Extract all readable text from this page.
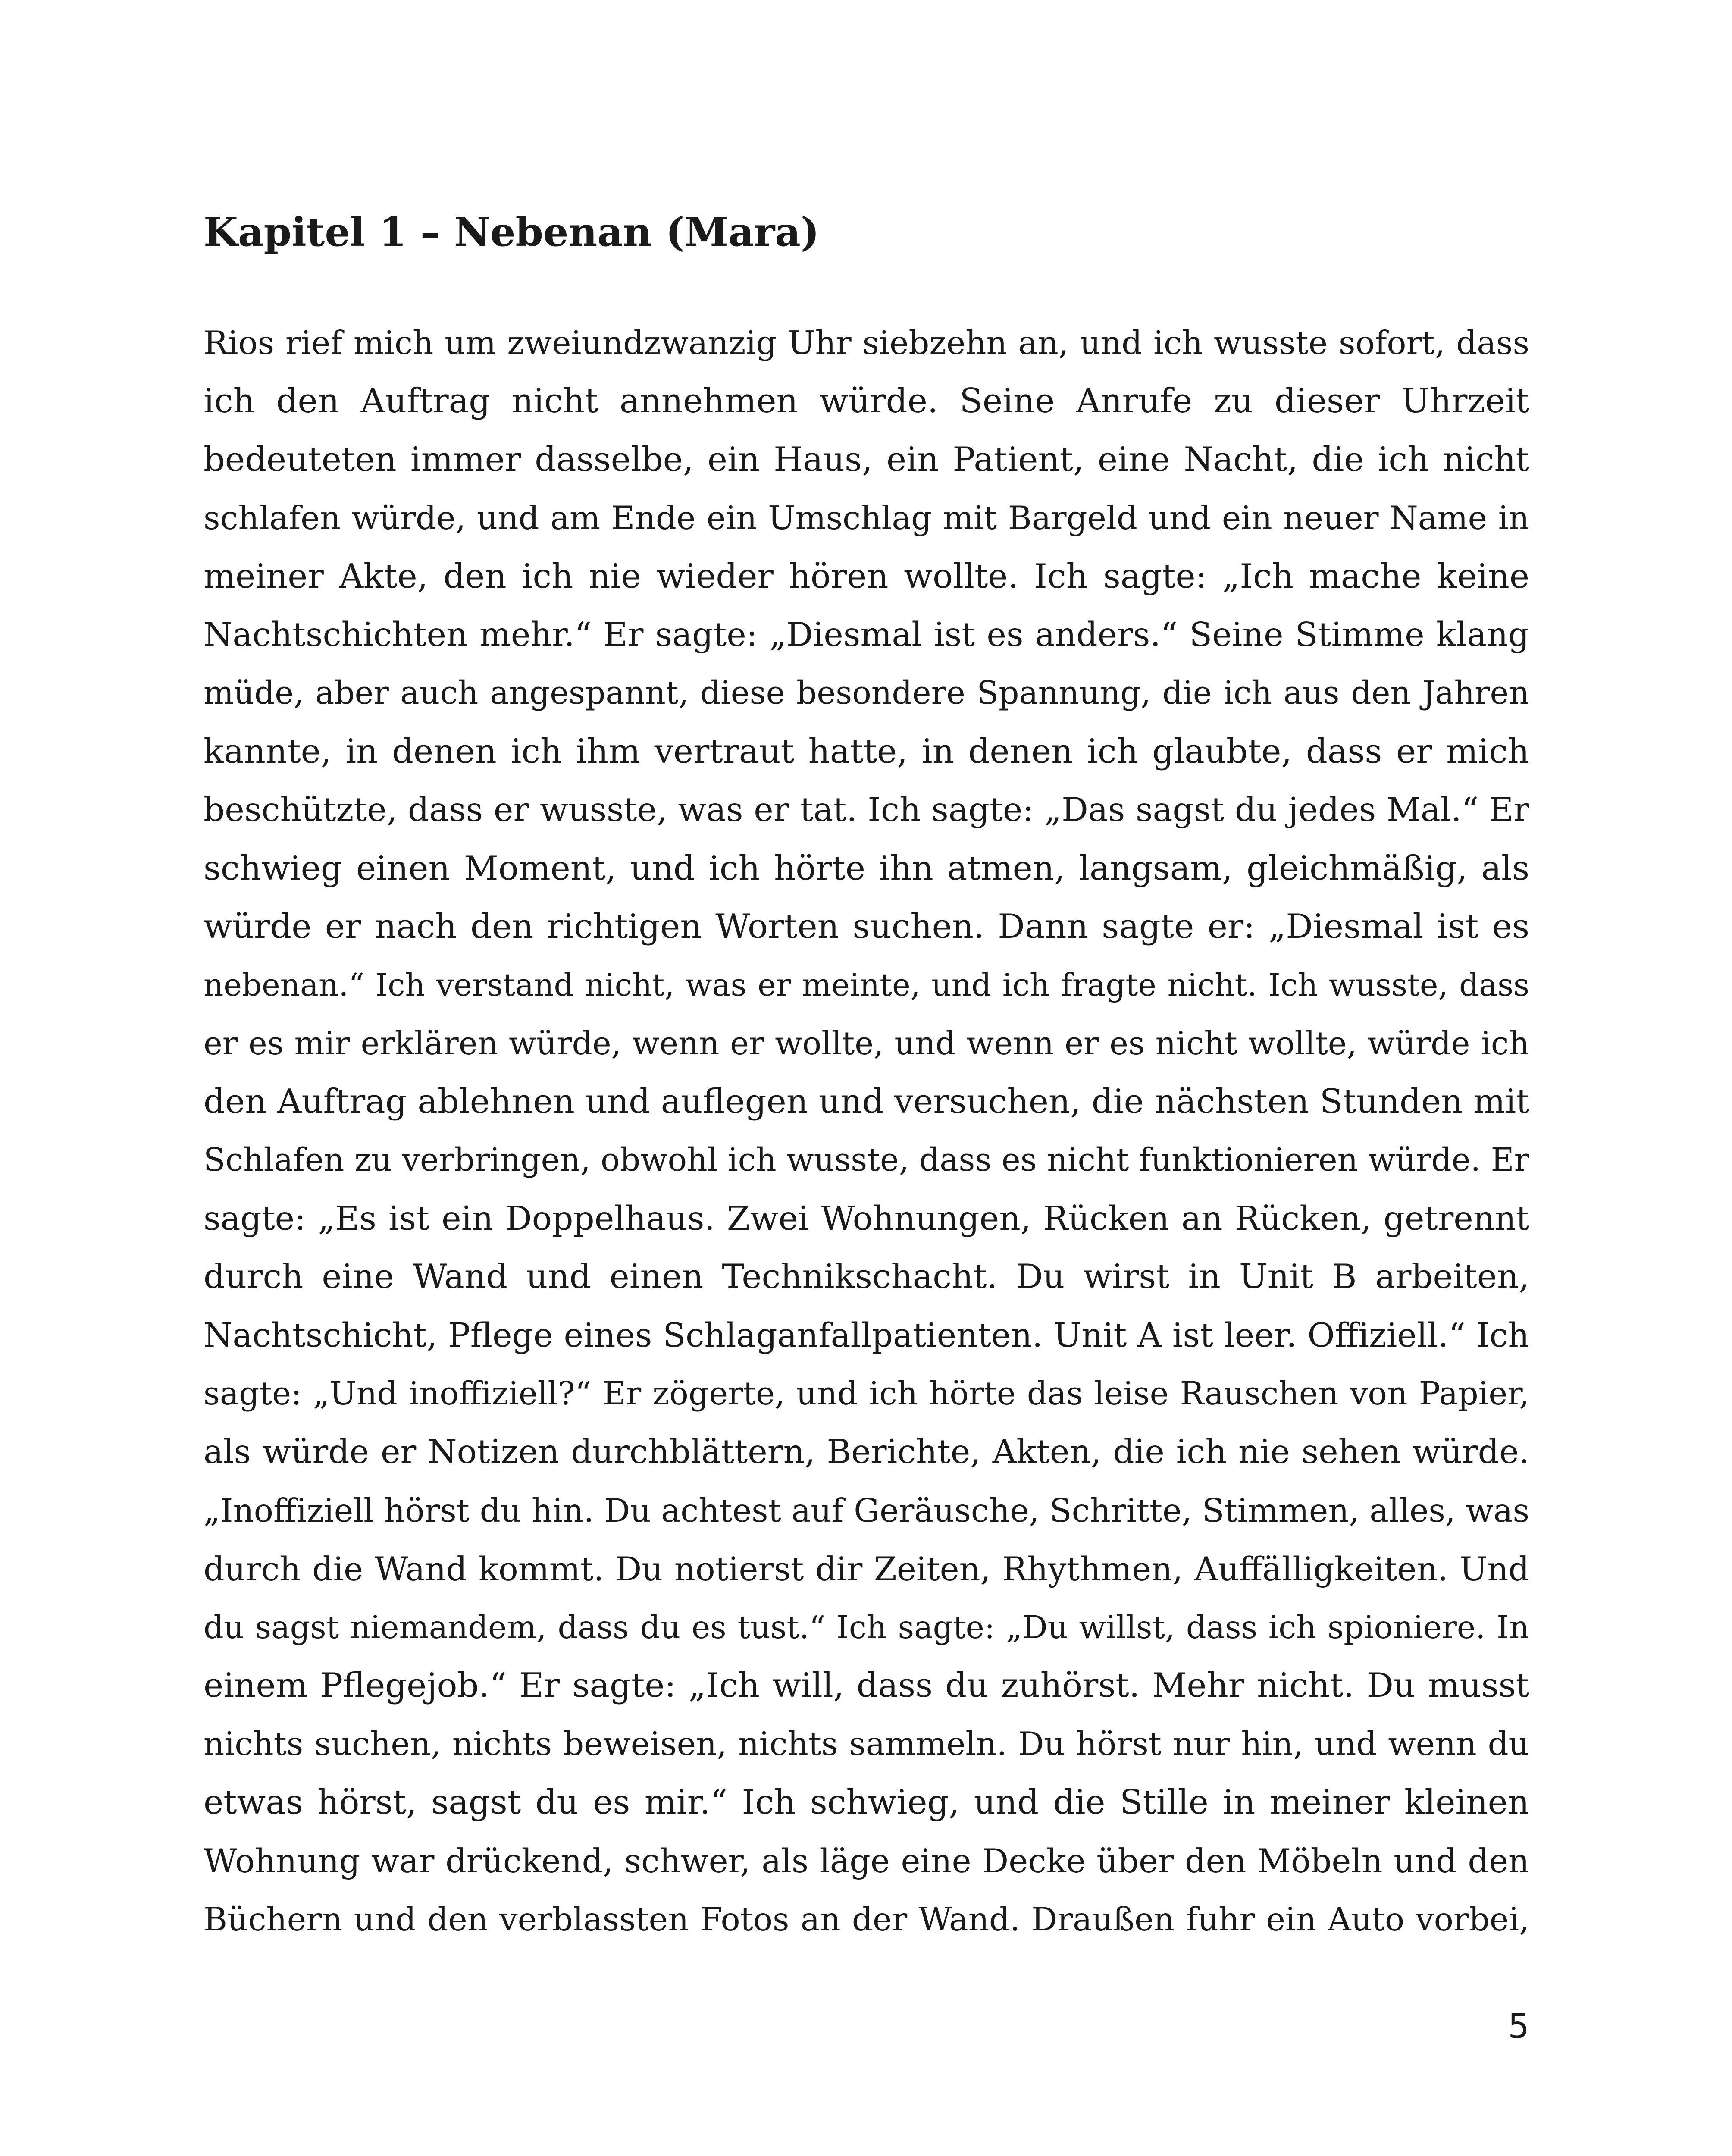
Kapitel 1 – Nebenan (Mara)
Rios rief mich um zweiundzwanzig Uhr siebzehn an, und ich wusste sofort, dass
ich den Auftrag nicht annehmen würde. Seine Anrufe zu dieser Uhrzeit
bedeuteten immer dasselbe, ein Haus, ein Patient, eine Nacht, die ich nicht
schlafen würde, und am Ende ein Umschlag mit Bargeld und ein neuer Name in
meiner Akte, den ich nie wieder hören wollte. Ich sagte: „Ich mache keine
Nachtschichten mehr.“ Er sagte: „Diesmal ist es anders.“ Seine Stimme klang
müde, aber auch angespannt, diese besondere Spannung, die ich aus den Jahren
kannte, in denen ich ihm vertraut hatte, in denen ich glaubte, dass er mich
beschützte, dass er wusste, was er tat. Ich sagte: „Das sagst du jedes Mal.“ Er
schwieg einen Moment, und ich hörte ihn atmen, langsam, gleichmäßig, als
würde er nach den richtigen Worten suchen. Dann sagte er: „Diesmal ist es
nebenan.“ Ich verstand nicht, was er meinte, und ich fragte nicht. Ich wusste, dass
er es mir erklären würde, wenn er wollte, und wenn er es nicht wollte, würde ich
den Auftrag ablehnen und auflegen und versuchen, die nächsten Stunden mit
Schlafen zu verbringen, obwohl ich wusste, dass es nicht funktionieren würde. Er
sagte: „Es ist ein Doppelhaus. Zwei Wohnungen, Rücken an Rücken, getrennt
durch eine Wand und einen Technikschacht. Du wirst in Unit B arbeiten,
Nachtschicht, Pflege eines Schlaganfallpatienten. Unit A ist leer. Offiziell.“ Ich
sagte: „Und inoffiziell?“ Er zögerte, und ich hörte das leise Rauschen von Papier,
als würde er Notizen durchblättern, Berichte, Akten, die ich nie sehen würde.
„Inoffiziell hörst du hin. Du achtest auf Geräusche, Schritte, Stimmen, alles, was
durch die Wand kommt. Du notierst dir Zeiten, Rhythmen, Auffälligkeiten. Und
du sagst niemandem, dass du es tust.“ Ich sagte: „Du willst, dass ich spioniere. In
einem Pflegejob.“ Er sagte: „Ich will, dass du zuhörst. Mehr nicht. Du musst
nichts suchen, nichts beweisen, nichts sammeln. Du hörst nur hin, und wenn du
etwas hörst, sagst du es mir.“ Ich schwieg, und die Stille in meiner kleinen
Wohnung war drückend, schwer, als läge eine Decke über den Möbeln und den
Büchern und den verblassten Fotos an der Wand. Draußen fuhr ein Auto vorbei,
5
